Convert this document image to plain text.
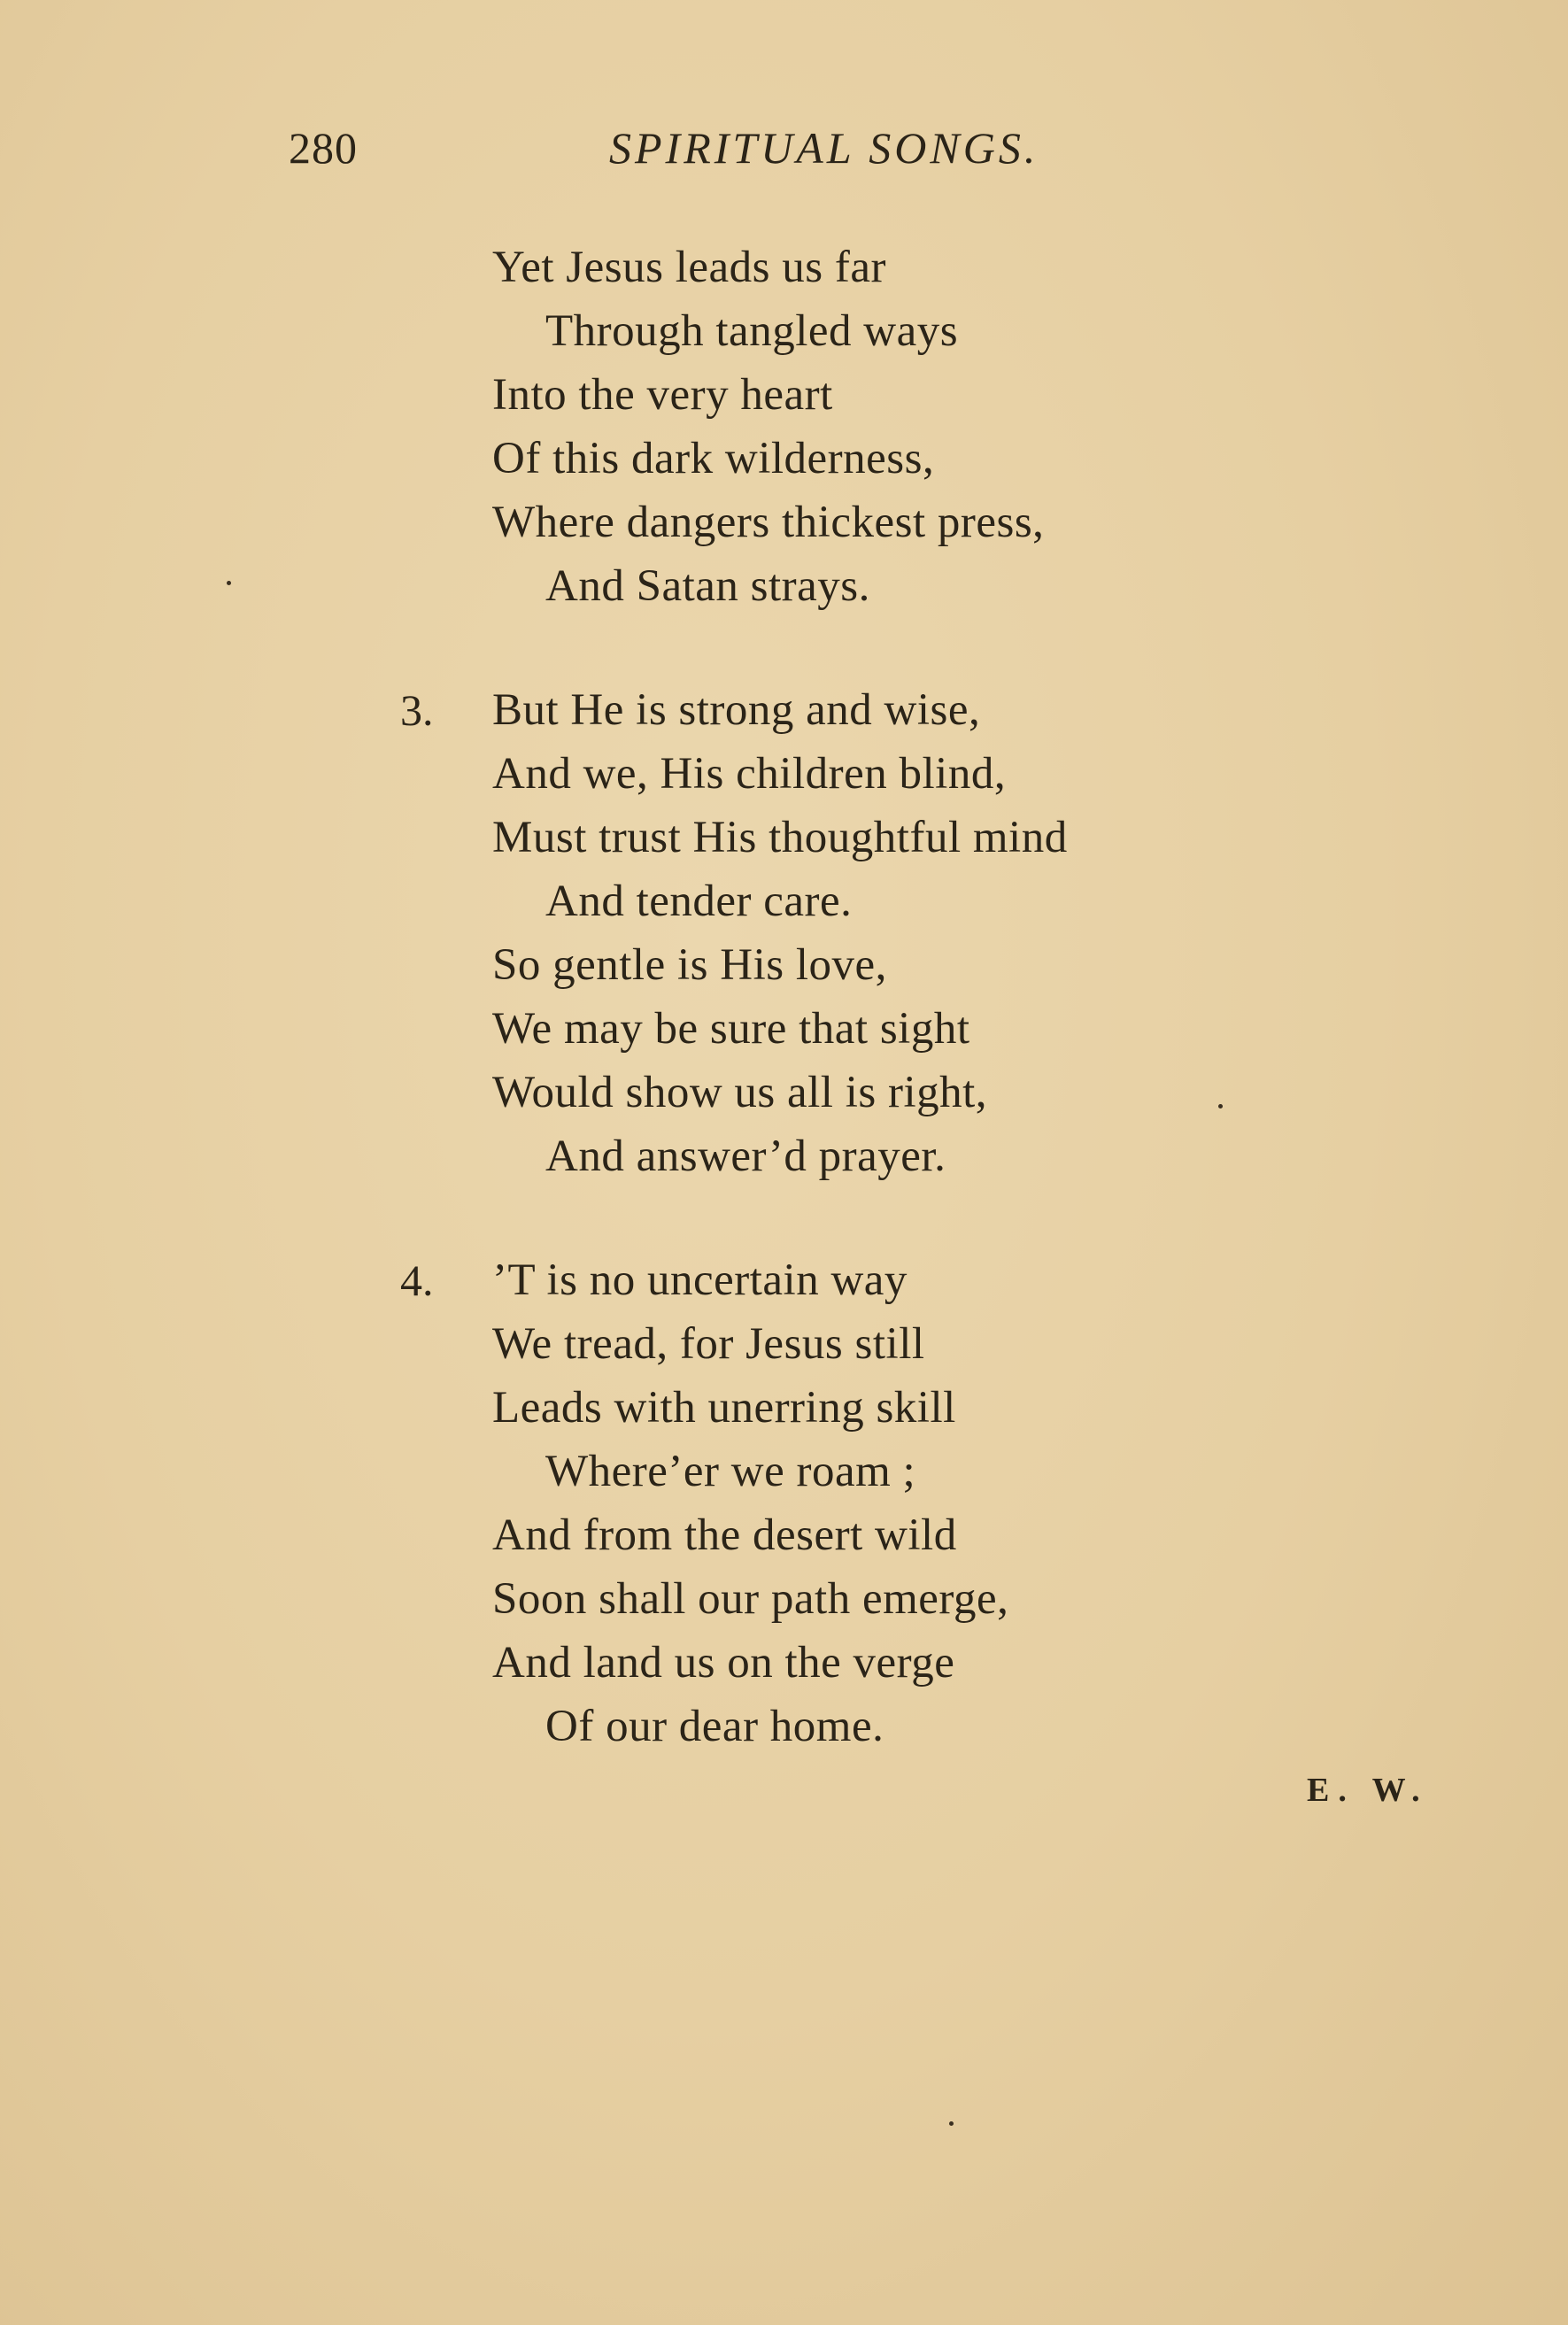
280	SPIRITUAL SONGS.
Yet Jesus leads us far
Through tangled ways
Into the very heart
Of this dark wilderness,
Where dangers thickest press,
And Satan strays.
3. But He is strong and wise,
And we, His children blind,
Must trust His thoughtful mind
And tender care.
So gentle is His love,
We may be sure that sight
Would show us all is right,
And answer’d prayer.
4. ’T is no uncertain way
We tread, for Jesus still
Leads with unerring skill
Where’er we roam ;
And from the desert wild
Soon shall our path emerge,
And land us on the verge
Of our dear home.
E. W.
